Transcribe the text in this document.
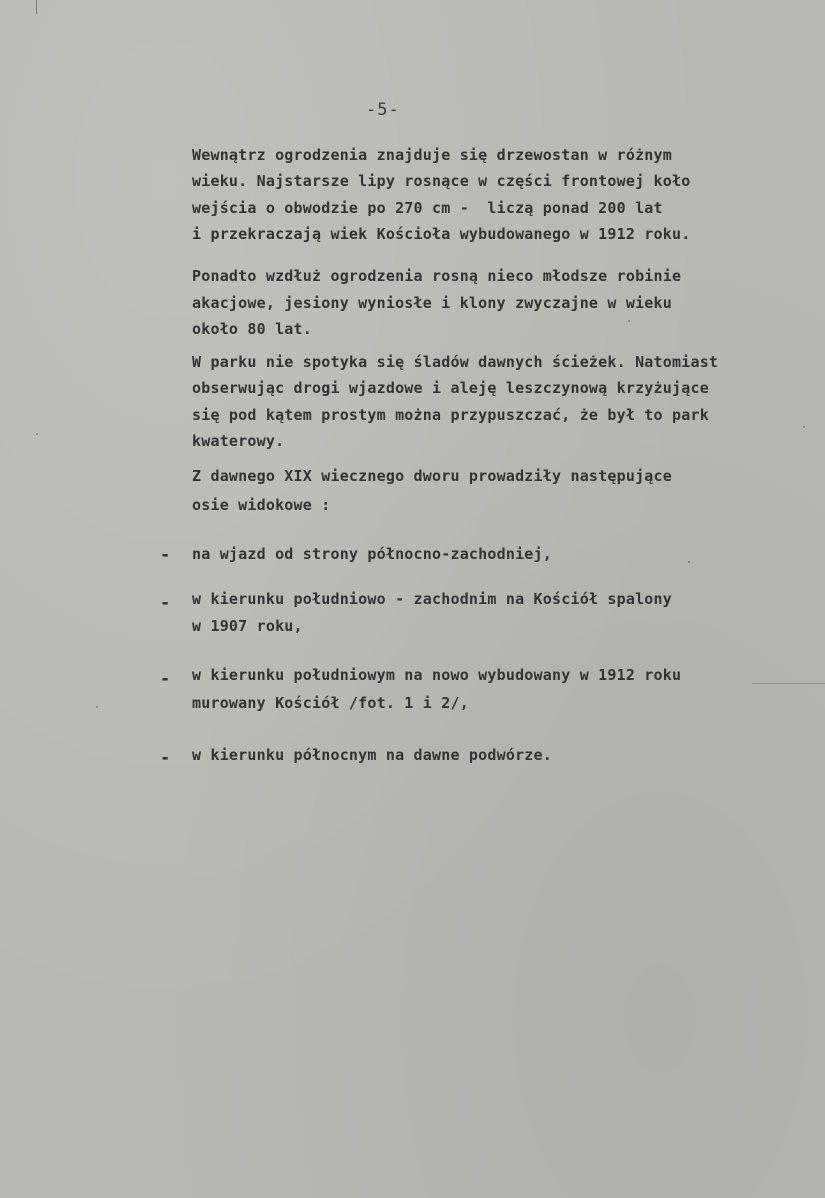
-5-
Wewnątrz ogrodzenia znajduje się drzewostan w różnym
wieku. Najstarsze lipy rosnące w części frontowej koło
wejścia o obwodzie po 270 cm -  liczą ponad 200 lat
i przekraczają wiek Kościoła wybudowanego w 1912 roku.
Ponadto wzdłuż ogrodzenia rosną nieco młodsze robinie
akacjowe, jesiony wyniosłe i klony zwyczajne w wieku
około 80 lat.
W parku nie spotyka się śladów dawnych ścieżek. Natomiast
obserwując drogi wjazdowe i aleję leszczynową krzyżujące
się pod kątem prostym można przypuszczać, że był to park
kwaterowy.
Z dawnego XIX wiecznego dworu prowadziły następujące
osie widokowe :
- na wjazd od strony północno-zachodniej,
- w kierunku południowo - zachodnim na Kościół spalony
w 1907 roku,
- w kierunku południowym na nowo wybudowany w 1912 roku
murowany Kościół /fot. 1 i 2/,
- w kierunku północnym na dawne podwórze.
